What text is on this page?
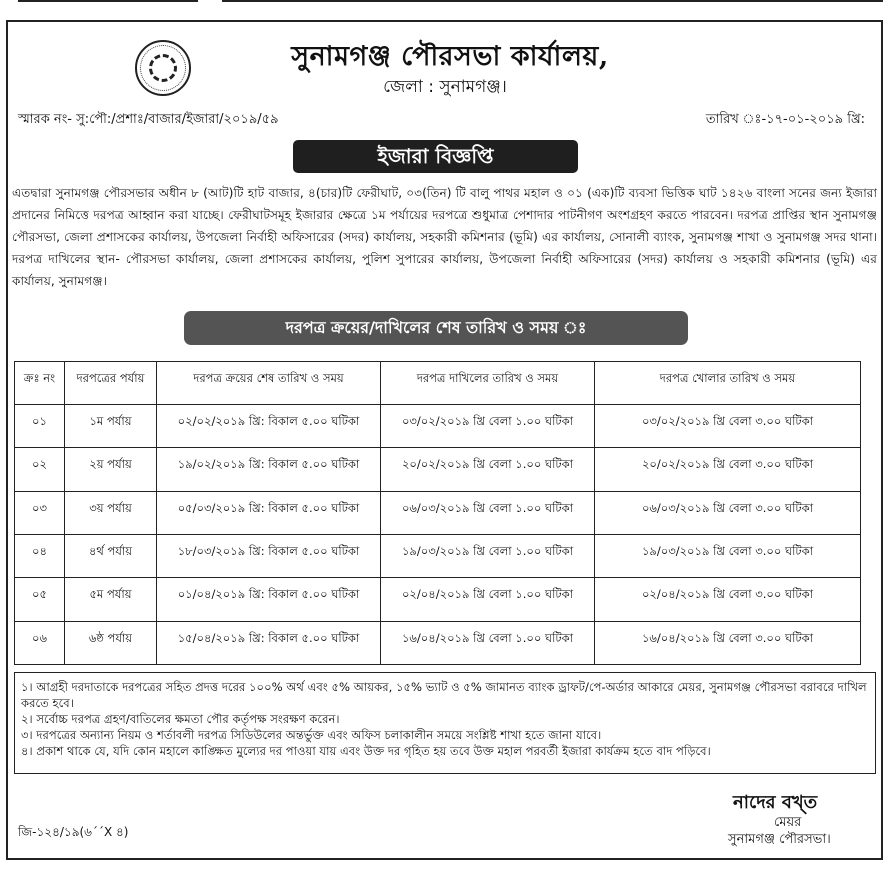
সুনামগঞ্জ পৌরসভা কার্যালয়,
জেলা : সুনামগঞ্জ।
স্মারক নং- সু:পৌ:/প্রশাঃ/বাজার/ইজারা/২০১৯/৫৯	তারিখ ঃ-১৭-০১-২০১৯ খ্রি:
ইজারা বিজ্ঞপ্তি
এতদ্বারা সুনামগঞ্জ পৌরসভার অধীন ৮ (আট)টি হাট বাজার, ৪(চার)টি ফেরীঘাট, ০৩(তিন) টি বালু পাথর মহাল ও ০১ (এক)টি ব্যবসা ভিত্তিক ঘাট ১৪২৬ বাংলা সনের জন্য ইজারা প্রদানের নিমিত্তে দরপত্র আহ্বান করা যাচ্ছে। ফেরীঘাটসমূহ ইজারার ক্ষেত্রে ১ম পর্যায়ের দরপত্রে শুধুমাত্র পেশাদার পাটনীগণ অংশগ্রহণ করতে পারবেন। দরপত্র প্রাপ্তির স্থান সুনামগঞ্জ পৌরসভা, জেলা প্রশাসকের কার্যালয়, উপজেলা নির্বাহী অফিসারের (সদর) কার্যালয়, সহকারী কমিশনার (ভূমি) এর কার্যালয়, সোনালী ব্যাংক, সুনামগঞ্জ শাখা ও সুনামগঞ্জ সদর থানা। দরপত্র দাখিলের স্থান- পৌরসভা কার্যালয়, জেলা প্রশাসকের কার্যালয়, পুলিশ সুপারের কার্যালয়, উপজেলা নির্বাহী অফিসারের (সদর) কার্যালয় ও সহকারী কমিশনার (ভূমি) এর কার্যালয়, সুনামগঞ্জ।
দরপত্র ক্রয়ের/দাখিলের শেষ তারিখ ও সময় ঃ
ক্রঃ নং	দরপত্রের পর্যায়	দরপত্র ক্রয়ের শেষ তারিখ ও সময়	দরপত্র দাখিলের তারিখ ও সময়	দরপত্র খোলার তারিখ ও সময়
০১	১ম পর্যায়	০২/০২/২০১৯ খ্রি: বিকাল ৫.০০ ঘটিকা	০৩/০২/২০১৯ খ্রি বেলা ১.০০ ঘটিকা	০৩/০২/২০১৯ খ্রি বেলা ৩.০০ ঘটিকা
০২	২য় পর্যায়	১৯/০২/২০১৯ খ্রি: বিকাল ৫.০০ ঘটিকা	২০/০২/২০১৯ খ্রি বেলা ১.০০ ঘটিকা	২০/০২/২০১৯ খ্রি বেলা ৩.০০ ঘটিকা
০৩	৩য় পর্যায়	০৫/০৩/২০১৯ খ্রি: বিকাল ৫.০০ ঘটিকা	০৬/০৩/২০১৯ খ্রি বেলা ১.০০ ঘটিকা	০৬/০৩/২০১৯ খ্রি বেলা ৩.০০ ঘটিকা
০৪	৪র্থ পর্যায়	১৮/০৩/২০১৯ খ্রি: বিকাল ৫.০০ ঘটিকা	১৯/০৩/২০১৯ খ্রি বেলা ১.০০ ঘটিকা	১৯/০৩/২০১৯ খ্রি বেলা ৩.০০ ঘটিকা
০৫	৫ম পর্যায়	০১/০৪/২০১৯ খ্রি: বিকাল ৫.০০ ঘটিকা	০২/০৪/২০১৯ খ্রি বেলা ১.০০ ঘটিকা	০২/০৪/২০১৯ খ্রি বেলা ৩.০০ ঘটিকা
০৬	৬ষ্ঠ পর্যায়	১৫/০৪/২০১৯ খ্রি: বিকাল ৫.০০ ঘটিকা	১৬/০৪/২০১৯ খ্রি বেলা ১.০০ ঘটিকা	১৬/০৪/২০১৯ খ্রি বেলা ৩.০০ ঘটিকা
১। আগ্রহী দরদাতাকে দরপত্রের সহিত প্রদত্ত দরের ১০০% অর্থ এবং ৫% আয়কর, ১৫% ভ্যাট ও ৫% জামানত ব্যাংক ড্রাফট/পে-অর্ডার আকারে মেয়র, সুনামগঞ্জ পৌরসভা বরাবরে দাখিল করতে হবে।
২। সর্বোচ্চ দরপত্র গ্রহণ/বাতিলের ক্ষমতা পৌর কর্তৃপক্ষ সংরক্ষণ করেন।
৩। দরপত্রের অন্যান্য নিয়ম ও শর্তাবলী দরপত্র সিডিউলের অন্তর্ভুক্ত এবং অফিস চলাকালীন সময়ে সংশ্লিষ্ট শাখা হতে জানা যাবে।
৪। প্রকাশ থাকে যে, যদি কোন মহালে কাঙ্ক্ষিত মুল্যের দর পাওয়া যায় এবং উক্ত দর গৃহিত হয় তবে উক্ত মহাল পরবর্তী ইজারা কার্যক্রম হতে বাদ পড়িবে।
নাদের বখ্ত
মেয়র
সুনামগঞ্জ পৌরসভা।
জি-১২৪/১৯(৬´´X ৪)
